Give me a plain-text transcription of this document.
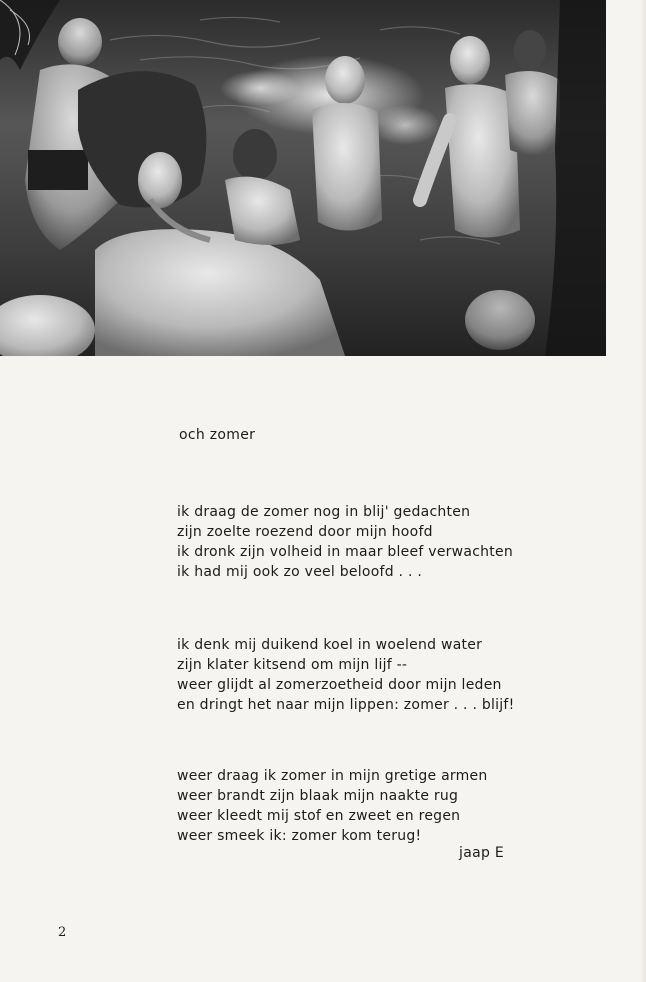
och zomer
ik draag de zomer nog in blij' gedachten
zijn zoelte roezend door mijn hoofd
ik dronk zijn volheid in maar bleef verwachten
ik had mij ook zo veel beloofd . . .
ik denk mij duikend koel in woelend water
zijn klater kitsend om mijn lijf --
weer glijdt al zomerzoetheid door mijn leden
en dringt het naar mijn lippen: zomer . . . blijf!
weer draag ik zomer in mijn gretige armen
weer brandt zijn blaak mijn naakte rug
weer kleedt mij stof en zweet en regen
weer smeek ik: zomer kom terug!
jaap E
2
